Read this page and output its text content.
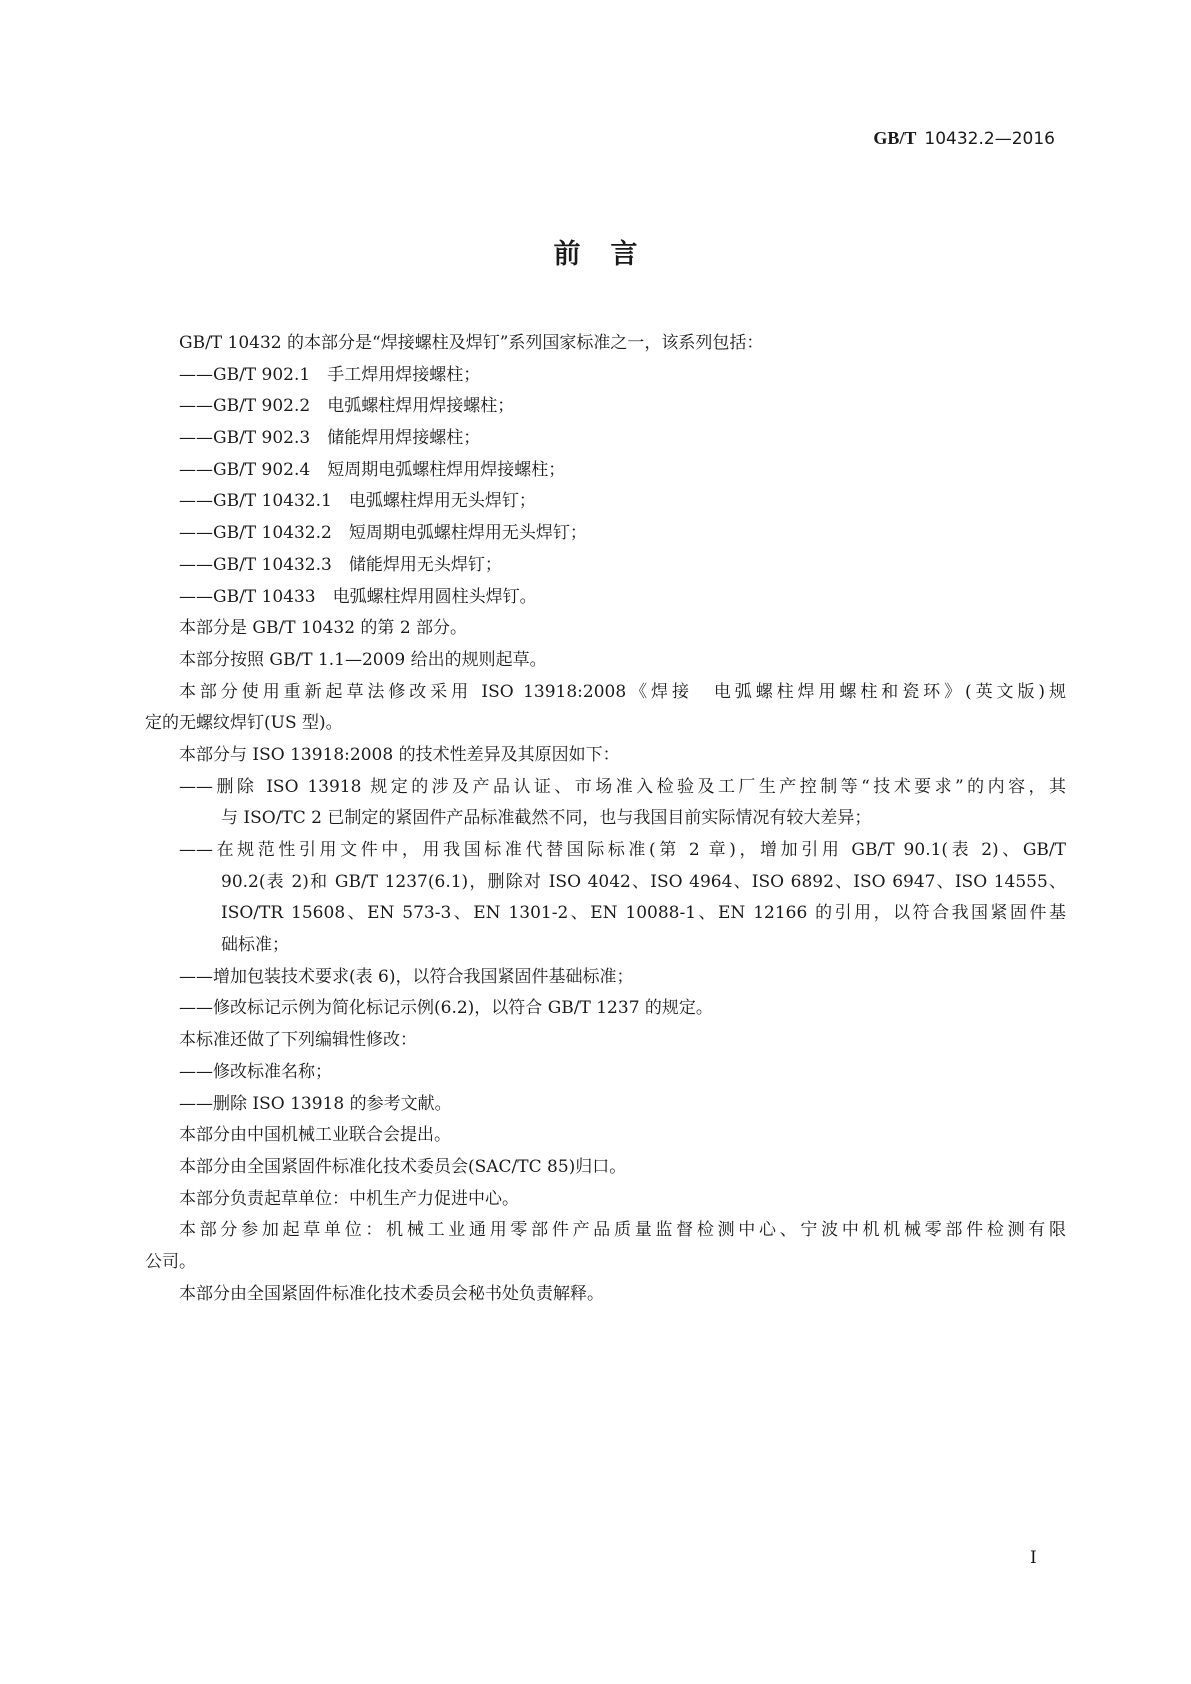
GB/T 10432.2—2016
前言
GB/T 10432 的本部分是“焊接螺柱及焊钉”系列国家标准之一，该系列包括：
——GB/T 902.1　手工焊用焊接螺柱；
——GB/T 902.2　电弧螺柱焊用焊接螺柱；
——GB/T 902.3　储能焊用焊接螺柱；
——GB/T 902.4　短周期电弧螺柱焊用焊接螺柱；
——GB/T 10432.1　电弧螺柱焊用无头焊钉；
——GB/T 10432.2　短周期电弧螺柱焊用无头焊钉；
——GB/T 10432.3　储能焊用无头焊钉；
——GB/T 10433　电弧螺柱焊用圆柱头焊钉。
本部分是 GB/T 10432 的第 2 部分。
本部分按照 GB/T 1.1—2009 给出的规则起草。
本部分使用重新起草法修改采用 ISO 13918:2008《焊接　电弧螺柱焊用螺柱和瓷环》(英文版)规
定的无螺纹焊钉(US 型)。
本部分与 ISO 13918:2008 的技术性差异及其原因如下：
——删除 ISO 13918 规定的涉及产品认证、市场准入检验及工厂生产控制等“技术要求”的内容，其
与 ISO/TC 2 已制定的紧固件产品标准截然不同，也与我国目前实际情况有较大差异；
——在规范性引用文件中，用我国标准代替国际标准(第 2 章)，增加引用 GB/T 90.1(表 2)、GB/T
90.2(表 2)和 GB/T 1237(6.1)，删除对 ISO 4042、ISO 4964、ISO 6892、ISO 6947、ISO 14555、
ISO/TR 15608、EN 573-3、EN 1301-2、EN 10088-1、EN 12166 的引用，以符合我国紧固件基
础标准；
——增加包装技术要求(表 6)，以符合我国紧固件基础标准；
——修改标记示例为简化标记示例(6.2)，以符合 GB/T 1237 的规定。
本标准还做了下列编辑性修改：
——修改标准名称；
——删除 ISO 13918 的参考文献。
本部分由中国机械工业联合会提出。
本部分由全国紧固件标准化技术委员会(SAC/TC 85)归口。
本部分负责起草单位：中机生产力促进中心。
本部分参加起草单位：机械工业通用零部件产品质量监督检测中心、宁波中机机械零部件检测有限
公司。
本部分由全国紧固件标准化技术委员会秘书处负责解释。
I
